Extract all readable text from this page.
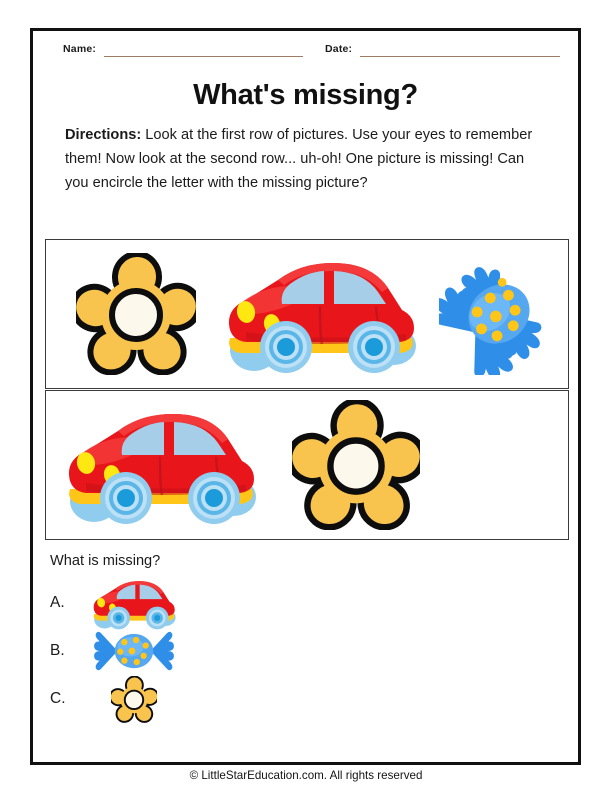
Name:	Date:
What's missing?
Directions: Look at the first row of pictures. Use your eyes to remember them! Now look at the second row... uh-oh! One picture is missing! Can you encircle the letter with the missing picture?
What is missing?
A.
B.
C.
© LittleStarEducation.com. All rights reserved
